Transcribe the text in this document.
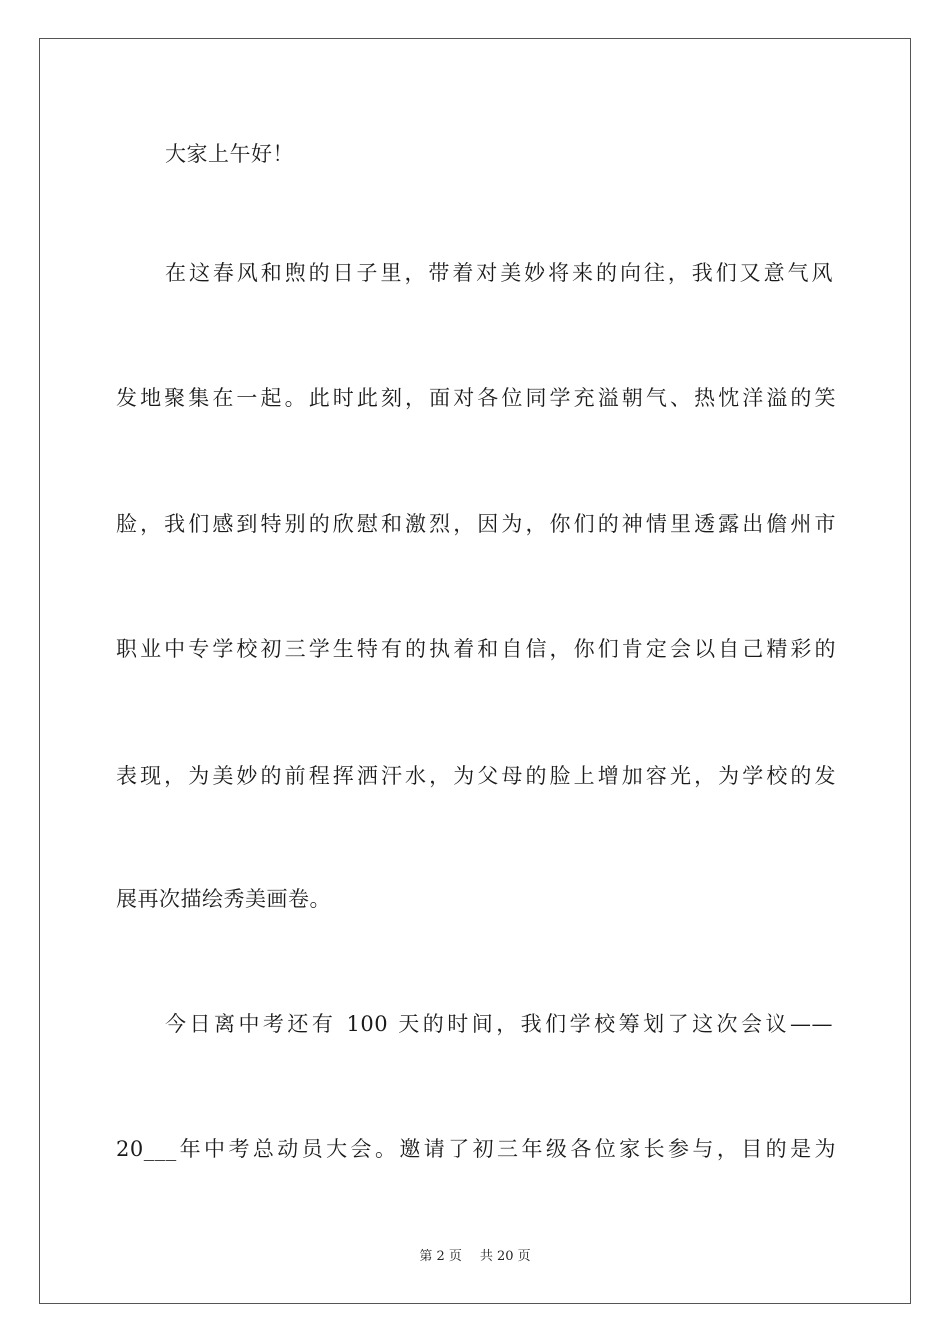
大家上午好！
在这春风和煦的日子里，带着对美妙将来的向往，我们又意气风
发地聚集在一起。此时此刻，面对各位同学充溢朝气、热忱洋溢的笑
脸，我们感到特别的欣慰和激烈，因为，你们的神情里透露出儋州市
职业中专学校初三学生特有的执着和自信，你们肯定会以自己精彩的
表现，为美妙的前程挥洒汗水，为父母的脸上增加容光，为学校的发
展再次描绘秀美画卷。
今日离中考还有 100 天的时间，我们学校筹划了这次会议——
20___年中考总动员大会。邀请了初三年级各位家长参与，目的是为
第 2 页 共 20 页
